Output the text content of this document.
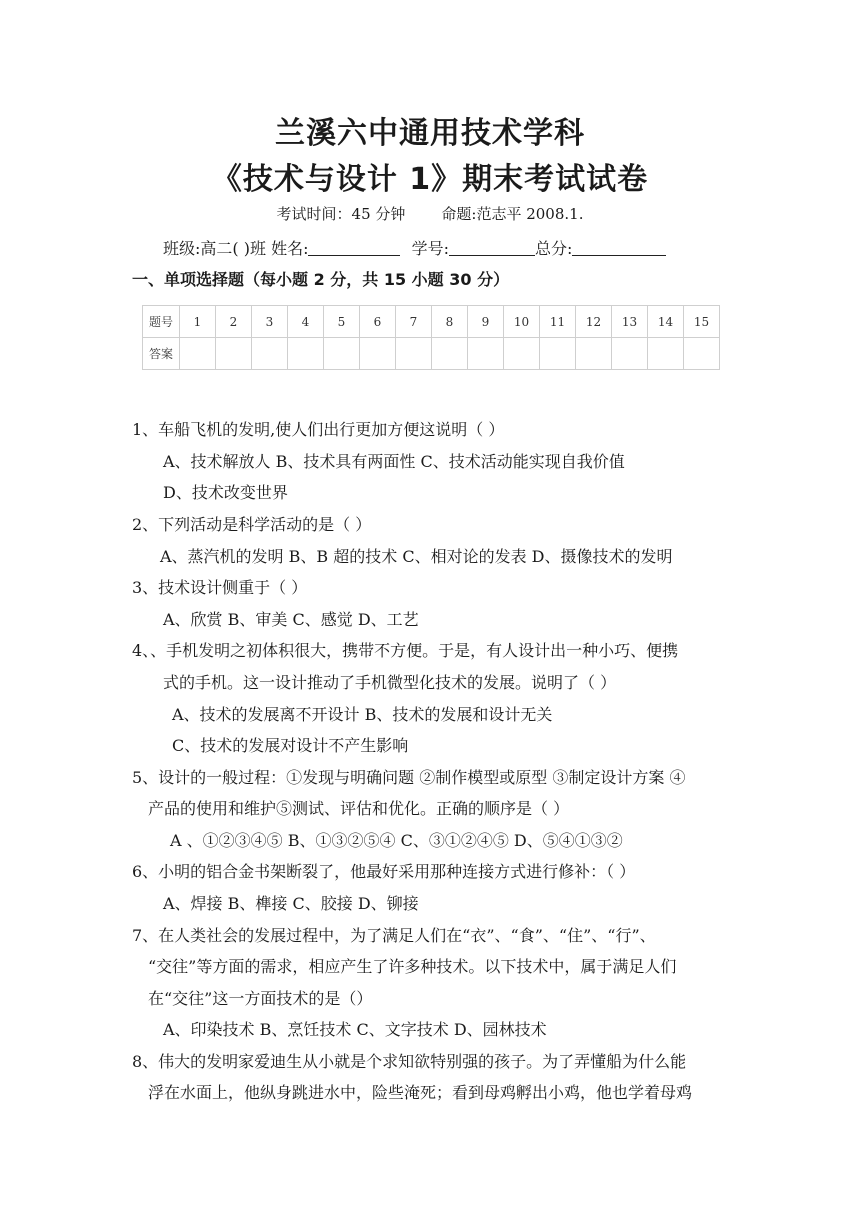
兰溪六中通用技术学科
《技术与设计 1》期末考试试卷
考试时间：45 分钟 命题:范志平 2008.1.
班级:高二( )班 姓名:	学号:	总分:
一、单项选择题（每小题 2 分，共 15 小题 30 分）
题号	1	2	3	4	5	6	7	8	9	10	11	12	13	14	15
答案															
1、车船飞机的发明,使人们出行更加方便这说明（ ）
A、技术解放人 B、技术具有两面性 C、技术活动能实现自我价值
D、技术改变世界
2、下列活动是科学活动的是（ ）
A、蒸汽机的发明 B、B 超的技术 C、相对论的发表 D、摄像技术的发明
3、技术设计侧重于（ ）
A、欣赏 B、审美 C、感觉 D、工艺
4、、手机发明之初体积很大，携带不方便。于是，有人设计出一种小巧、便携
式的手机。这一设计推动了手机微型化技术的发展。说明了（ ）
A、技术的发展离不开设计 B、技术的发展和设计无关
C、技术的发展对设计不产生影响
5、设计的一般过程：①发现与明确问题 ②制作模型或原型 ③制定设计方案 ④
产品的使用和维护⑤测试、评估和优化。正确的顺序是（ ）
A 、①②③④⑤ B、①③②⑤④ C、③①②④⑤ D、⑤④①③②
6、小明的铝合金书架断裂了，他最好采用那种连接方式进行修补：（ ）
A、焊接 B、榫接 C、胶接 D、铆接
7、在人类社会的发展过程中，为了满足人们在“衣”、“食”、“住”、“行”、
“交往”等方面的需求，相应产生了许多种技术。以下技术中，属于满足人们
在“交往”这一方面技术的是（）
A、印染技术 B、烹饪技术 C、文字技术 D、园林技术
8、伟大的发明家爱迪生从小就是个求知欲特别强的孩子。为了弄懂船为什么能
浮在水面上，他纵身跳进水中，险些淹死；看到母鸡孵出小鸡，他也学着母鸡
